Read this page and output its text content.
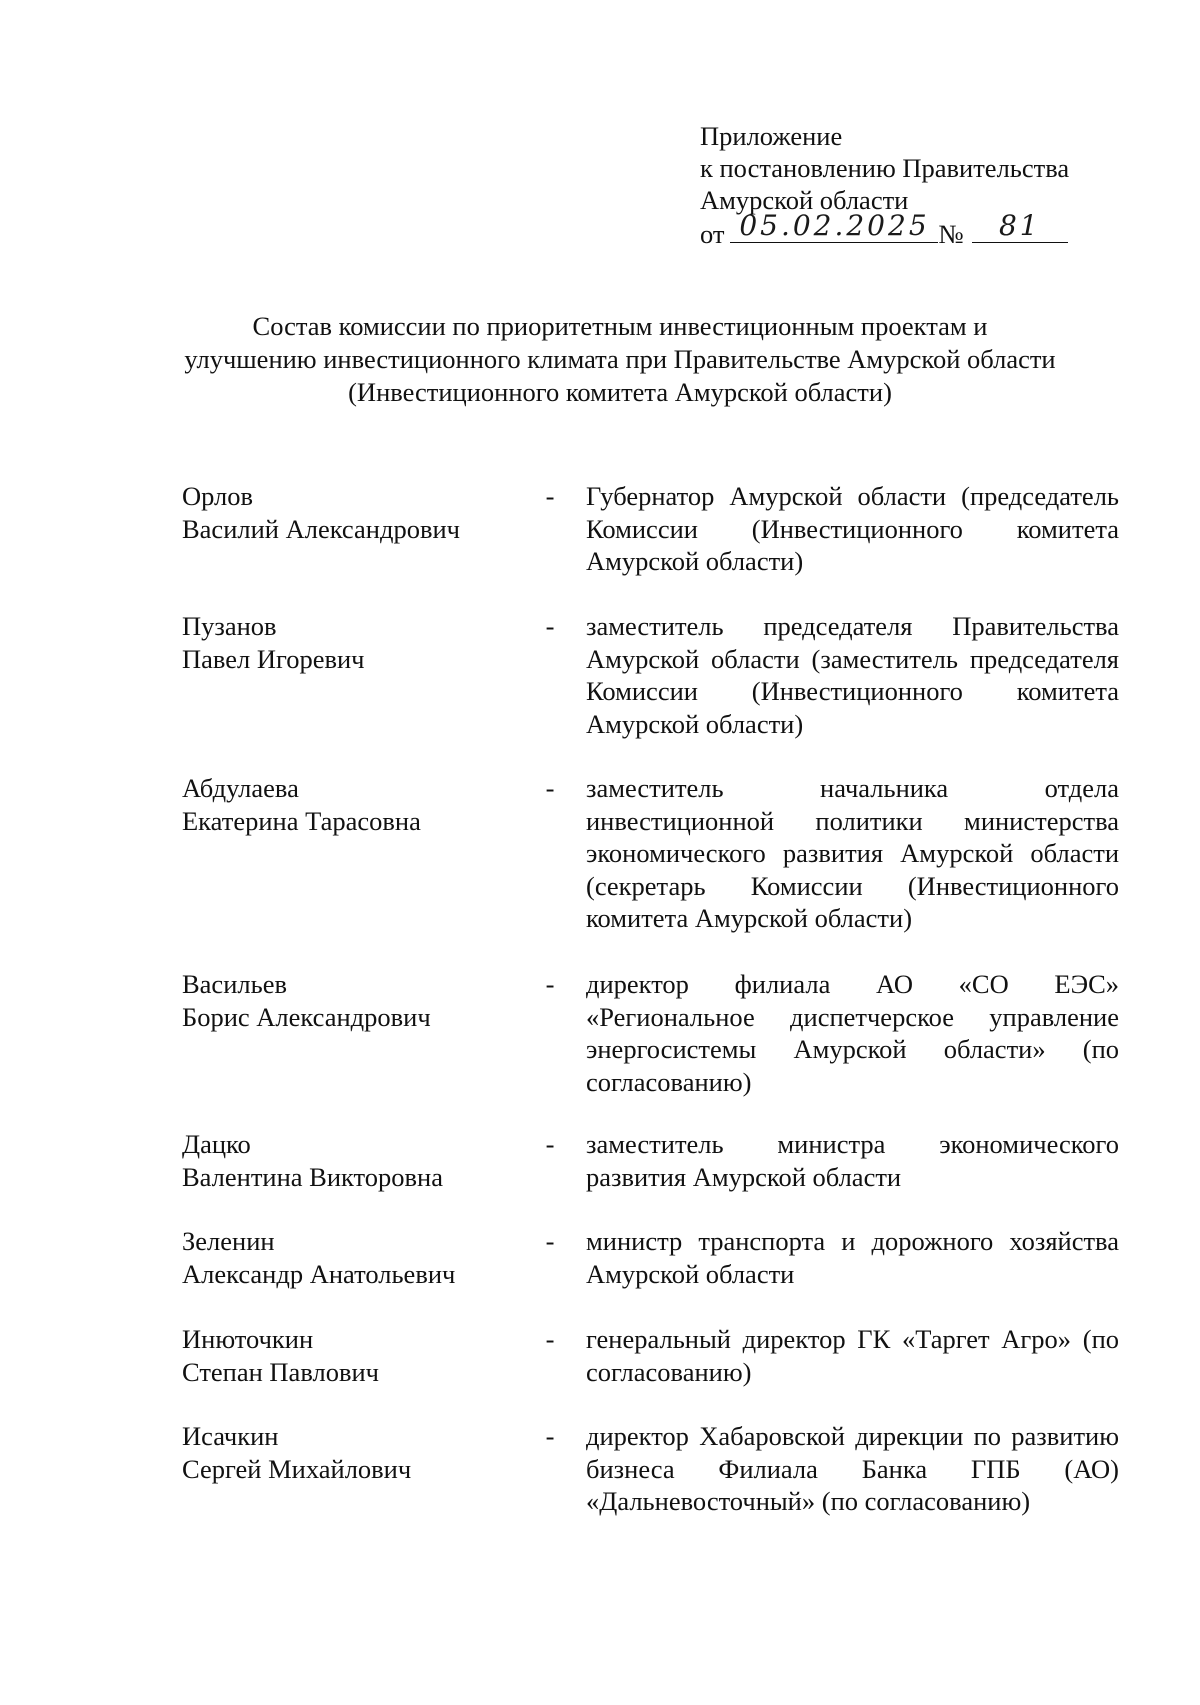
Приложение
к постановлению Правительства
Амурской области
от 05.02.2025 №	81
Состав комиссии по приоритетным инвестиционным проектам и
улучшению инвестиционного климата при Правительстве Амурской области
(Инвестиционного комитета Амурской области)
Орлов
Василий Александрович
- Губернатор Амурской области (председатель Комиссии (Инвестиционного комитета Амурской области)
Пузанов
Павел Игоревич
- заместитель председателя Правительства Амурской области (заместитель председателя Комиссии (Инвестиционного комитета Амурской области)
Абдулаева
Екатерина Тарасовна
- заместитель начальника отдела инвестиционной политики министерства экономического развития Амурской области (секретарь Комиссии (Инвестиционного комитета Амурской области)
Васильев
Борис Александрович
- директор филиала АО «СО ЕЭС» «Региональное диспетчерское управление энергосистемы Амурской области» (по согласованию)
Дацко
Валентина Викторовна
- заместитель министра экономического развития Амурской области
Зеленин
Александр Анатольевич
- министр транспорта и дорожного хозяйства Амурской области
Инюточкин
Степан Павлович
- генеральный директор ГК «Таргет Агро» (по согласованию)
Исачкин
Сергей Михайлович
- директор Хабаровской дирекции по развитию бизнеса Филиала Банка ГПБ (АО) «Дальневосточный» (по согласованию)
